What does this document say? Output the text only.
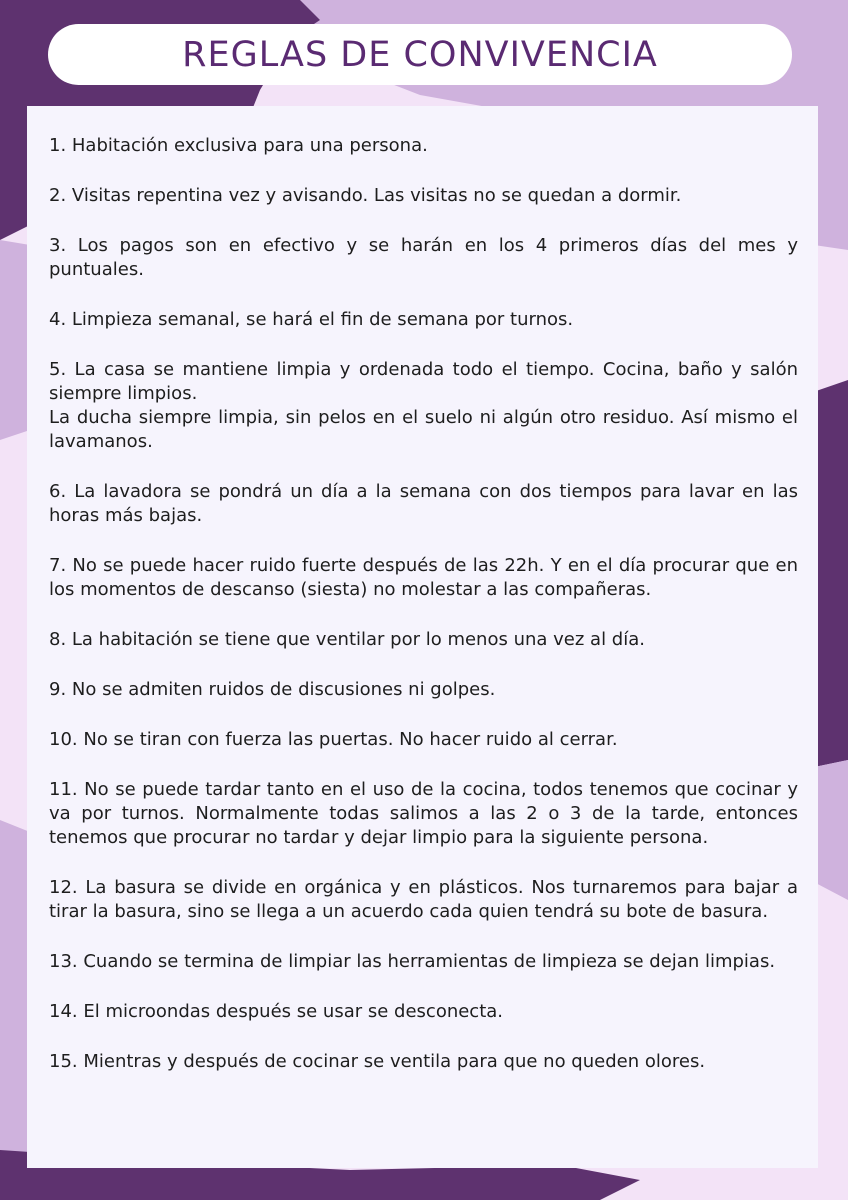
REGLAS DE CONVIVENCIA

1. Habitación exclusiva para una persona.

2. Visitas repentina vez y avisando. Las visitas no se quedan a dormir.

3. Los pagos son en efectivo y se harán en los 4 primeros días del mes y puntuales.

4. Limpieza semanal, se hará el fin de semana por turnos.

5. La casa se mantiene limpia y ordenada todo el tiempo. Cocina, baño y salón siempre limpios.

La ducha siempre limpia, sin pelos en el suelo ni algún otro residuo. Así mismo el lavamanos.

6. La lavadora se pondrá un día a la semana con dos tiempos para lavar en las horas más bajas.

7. No se puede hacer ruido fuerte después de las 22h. Y en el día procurar que en los momentos de descanso (siesta) no molestar a las compañeras.

8. La habitación se tiene que ventilar por lo menos una vez al día.

9. No se admiten ruidos de discusiones ni golpes.

10. No se tiran con fuerza las puertas. No hacer ruido al cerrar.

11. No se puede tardar tanto en el uso de la cocina, todos tenemos que cocinar y va por turnos. Normalmente todas salimos a las 2 o 3 de la tarde, entonces tenemos que procurar no tardar y dejar limpio para la siguiente persona.

12. La basura se divide en orgánica y en plásticos. Nos turnaremos para bajar a tirar la basura, sino se llega a un acuerdo cada quien tendrá su bote de basura.

13. Cuando se termina de limpiar las herramientas de limpieza se dejan limpias.

14. El microondas después se usar se desconecta.

15. Mientras y después de cocinar se ventila para que no queden olores.
